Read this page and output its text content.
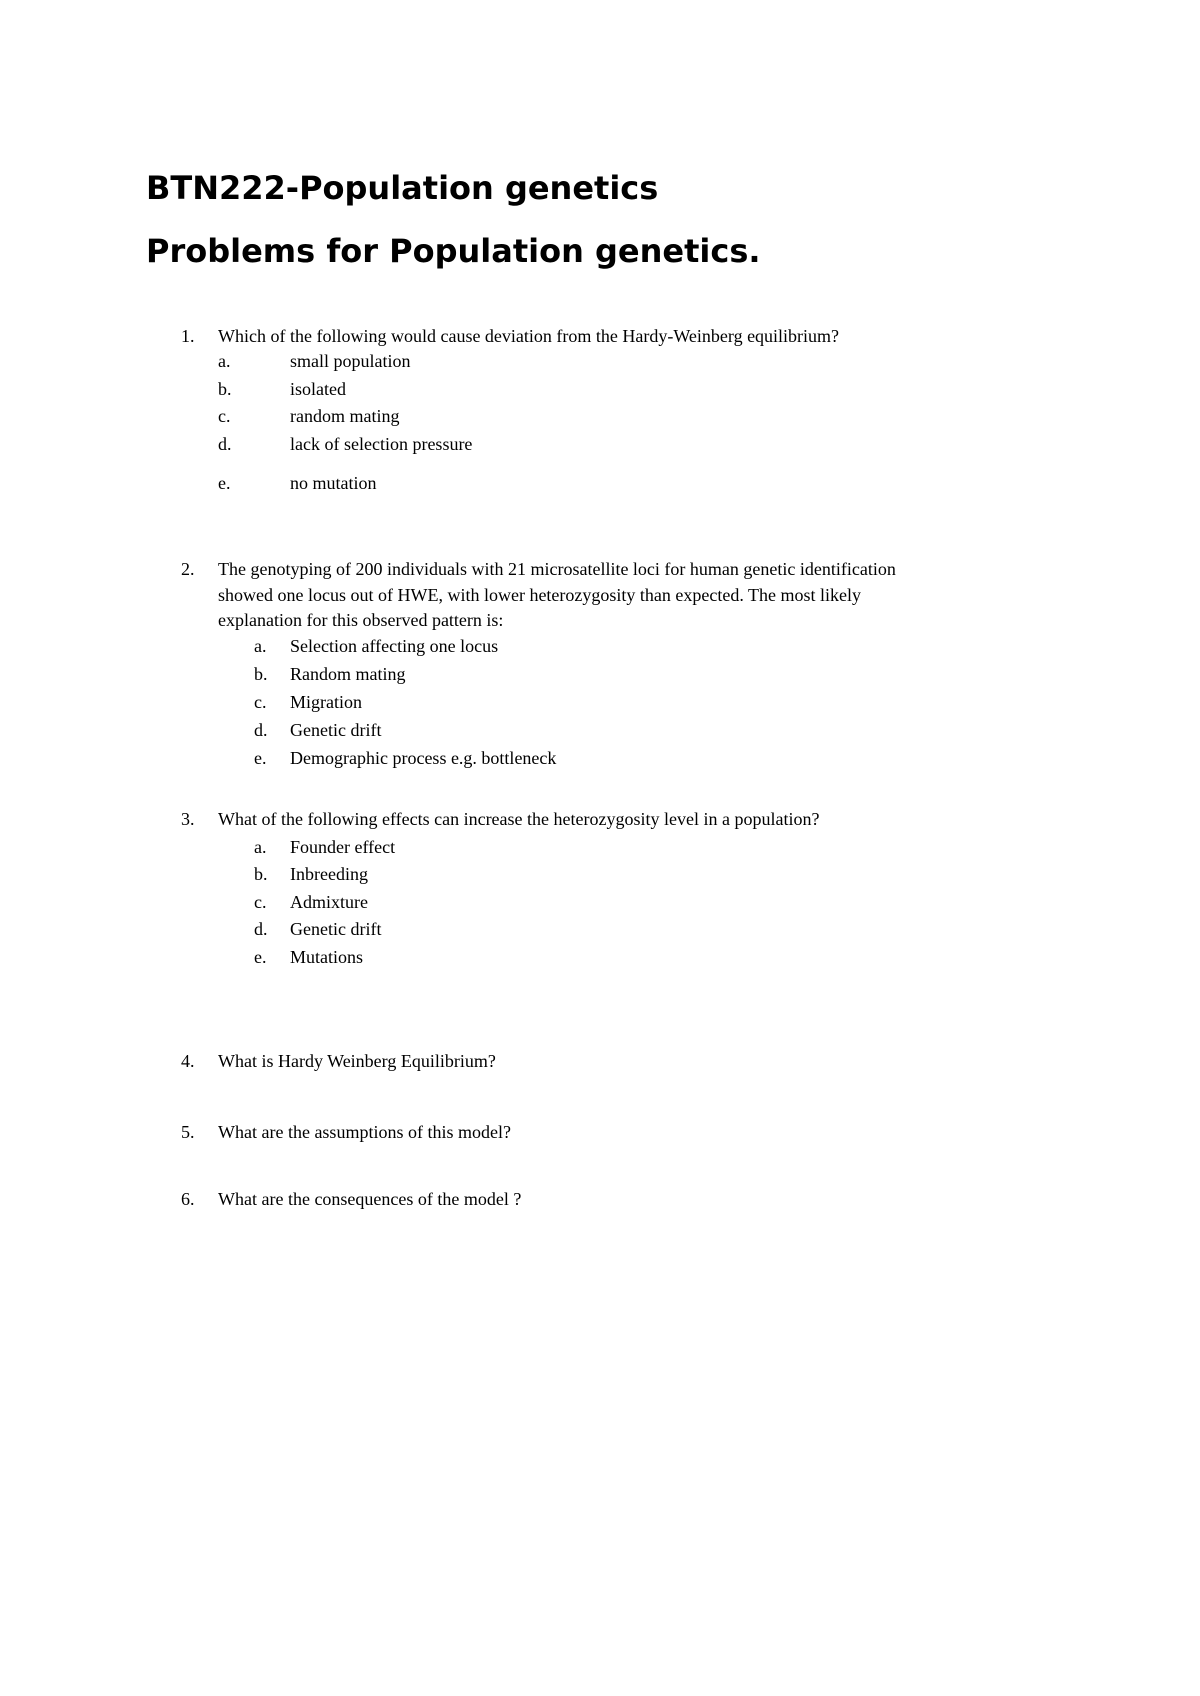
BTN222-Population genetics
Problems for Population genetics.
1. Which of the following would cause deviation from the Hardy-Weinberg equilibrium?
a.	small population
b.	isolated
c.	random mating
d.	lack of selection pressure
e.	no mutation
2. The genotyping of 200 individuals with 21 microsatellite loci for human genetic identification
showed one locus out of HWE, with lower heterozygosity than expected. The most likely
explanation for this observed pattern is:
a. Selection affecting one locus
b. Random mating
c. Migration
d. Genetic drift
e. Demographic process e.g. bottleneck
3. What of the following effects can increase the heterozygosity level in a population?
a. Founder effect
b. Inbreeding
c. Admixture
d. Genetic drift
e. Mutations
4. What is Hardy Weinberg Equilibrium?
5. What are the assumptions of this model?
6. What are the consequences of the model ?
